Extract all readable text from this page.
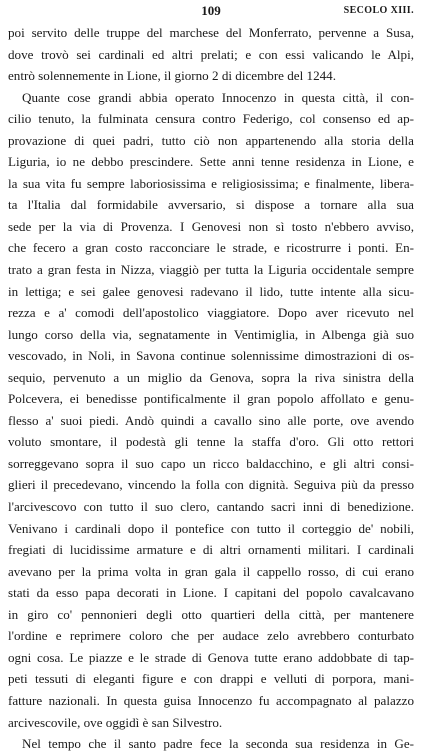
109	SECOLO XIII.
poi servito delle truppe del marchese del Monferrato, pervenne a Susa,
dove trovò sei cardinali ed altri prelati; e con essi valicando le Alpi,
entrò solennemente in Lione, il giorno 2 di dicembre del 1244.
Quante cose grandi abbia operato Innocenzo in questa città, il con-
cilio tenuto, la fulminata censura contro Federigo, col consenso ed ap-
provazione di quei padri, tutto ciò non appartenendo alla storia della
Liguria, io ne debbo prescindere. Sette anni tenne residenza in Lione, e
la sua vita fu sempre laboriosissima e religiosissima; e finalmente, libera-
ta l'Italia dal formidabile avversario, si dispose a tornare alla sua
sede per la via di Provenza. I Genovesi non sì tosto n'ebbero avviso,
che fecero a gran costo racconciare le strade, e ricostrurre i ponti. En-
trato a gran festa in Nizza, viaggiò per tutta la Liguria occidentale sempre
in lettiga; e sei galee genovesi radevano il lido, tutte intente alla sicu-
rezza e a' comodi dell'apostolico viaggiatore. Dopo aver ricevuto nel
lungo corso della via, segnatamente in Ventimiglia, in Albenga già suo
vescovado, in Noli, in Savona continue solennissime dimostrazioni di os-
sequio, pervenuto a un miglio da Genova, sopra la riva sinistra della
Polcevera, ei benedisse pontificalmente il gran popolo affollato e genu-
flesso a' suoi piedi. Andò quindi a cavallo sino alle porte, ove avendo
voluto smontare, il podestà gli tenne la staffa d'oro. Gli otto rettori
sorreggevano sopra il suo capo un ricco baldacchino, e gli altri consi-
glieri il precedevano, vincendo la folla con dignità. Seguiva più da presso
l'arcivescovo con tutto il suo clero, cantando sacri inni di benedizione.
Venivano i cardinali dopo il pontefice con tutto il corteggio de' nobili,
fregiati di lucidissime armature e di altri ornamenti militari. I cardinali
avevano per la prima volta in gran gala il cappello rosso, di cui erano
stati da esso papa decorati in Lione. I capitani del popolo cavalcavano
in giro co' pennonieri degli otto quartieri della città, per mantenere
l'ordine e reprimere coloro che per audace zelo avrebbero conturbato
ogni cosa. Le piazze e le strade di Genova tutte erano addobbate di tap-
peti tessuti di eleganti figure e con drappi e velluti di porpora, mani-
fatture nazionali. In questa guisa Innocenzo fu accompagnato al palazzo
arcivescovile, ove oggidì è san Silvestro.
Nel tempo che il santo padre fece la seconda sua residenza in Ge-
